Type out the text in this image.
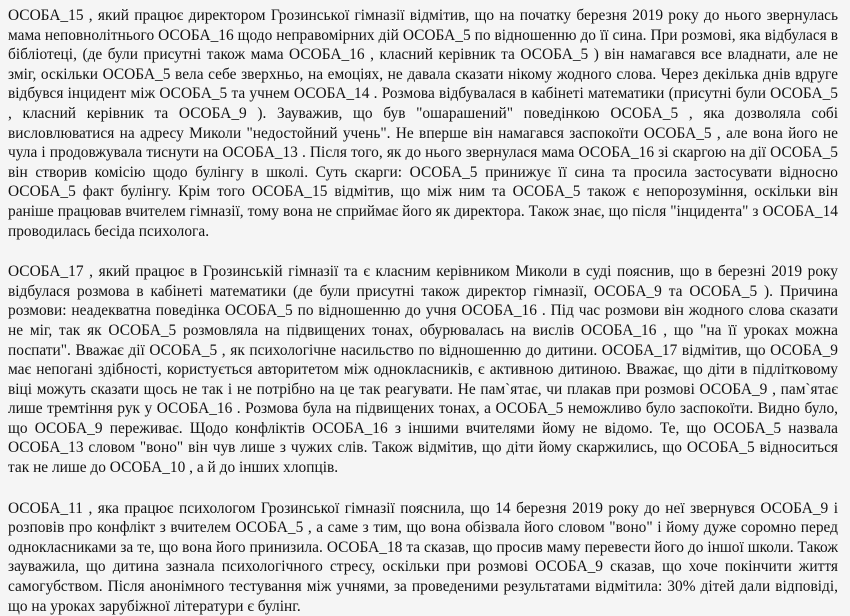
ОСОБА_15 , який працює директором Грозинської гімназії відмітив, що на початку березня 2019 року до нього звернулась мама неповнолітнього ОСОБА_16 щодо неправомірних дій ОСОБА_5 по відношенню до її сина. При розмові, яка відбулася в бібліотеці, (де були присутні також мама ОСОБА_16 , класний керівник та ОСОБА_5 ) він намагався все владнати, але не зміг, оскільки ОСОБА_5 вела себе зверхньо, на емоціях, не давала сказати нікому жодного слова. Через декілька днів вдруге відбувся інцидент між ОСОБА_5 та учнем ОСОБА_14 . Розмова відбувалася в кабінеті математики (присутні були ОСОБА_5 , класний керівник та ОСОБА_9 ). Зауважив, що був "ошарашений" поведінкою ОСОБА_5 , яка дозволяла собі висловлюватися на адресу Миколи "недостойний учень". Не вперше він намагався заспокоїти ОСОБА_5 , але вона його не чула і продовжувала тиснути на ОСОБА_13 . Після того, як до нього звернулася мама ОСОБА_16 зі скаргою на дії ОСОБА_5 він створив комісію щодо булінгу в школі. Суть скарги: ОСОБА_5 принижує її сина та просила застосувати відносно ОСОБА_5 факт булінгу. Крім того ОСОБА_15 відмітив, що між ним та ОСОБА_5 також є непорозуміння, оскільки він раніше працював вчителем гімназії, тому вона не сприймає його як директора. Також знає, що після "інцидента" з ОСОБА_14 проводилась бесіда психолога.

ОСОБА_17 , який працює в Грозинській гімназії та є класним керівником Миколи в суді пояснив, що в березні 2019 року відбулася розмова в кабінеті математики (де були присутні також директор гімназії, ОСОБА_9 та ОСОБА_5 ). Причина розмови: неадекватна поведінка ОСОБА_5 по відношенню до учня ОСОБА_16 . Під час розмови він жодного слова сказати не міг, так як ОСОБА_5 розмовляла на підвищених тонах, обурювалась на вислів ОСОБА_16 , що "на її уроках можна поспати". Вважає дії ОСОБА_5 , як психологічне насильство по відношенню до дитини. ОСОБА_17 відмітив, що ОСОБА_9 має непогані здібності, користується авторитетом між однокласників, є активною дитиною. Вважає, що діти в підлітковому віці можуть сказати щось не так і не потрібно на це так реагувати. Не пам`ятає, чи плакав при розмові ОСОБА_9 , пам`ятає лише тремтіння рук у ОСОБА_16 . Розмова була на підвищених тонах, а ОСОБА_5 неможливо було заспокоїти. Видно було, що ОСОБА_9 переживає. Щодо конфліктів ОСОБА_16 з іншими вчителями йому не відомо. Те, що ОСОБА_5 назвала ОСОБА_13 словом "воно" він чув лише з чужих слів. Також відмітив, що діти йому скаржились, що ОСОБА_5 відноситься так не лише до ОСОБА_10 , а й до інших хлопців.

ОСОБА_11 , яка працює психологом Грозинської гімназії пояснила, що 14 березня 2019 року до неї звернувся ОСОБА_9 і розповів про конфлікт з вчителем ОСОБА_5 , а саме з тим, що вона обізвала його словом "воно" і йому дуже соромно перед однокласниками за те, що вона його принизила. ОСОБА_18 та сказав, що просив маму перевести його до іншої школи. Також зауважила, що дитина зазнала психологічного стресу, оскільки при розмові ОСОБА_9 сказав, що хоче покінчити життя самогубством. Після анонімного тестування між учнями, за проведеними результатами відмітила: 30% дітей дали відповіді, що на уроках зарубіжної літератури є булінг.
